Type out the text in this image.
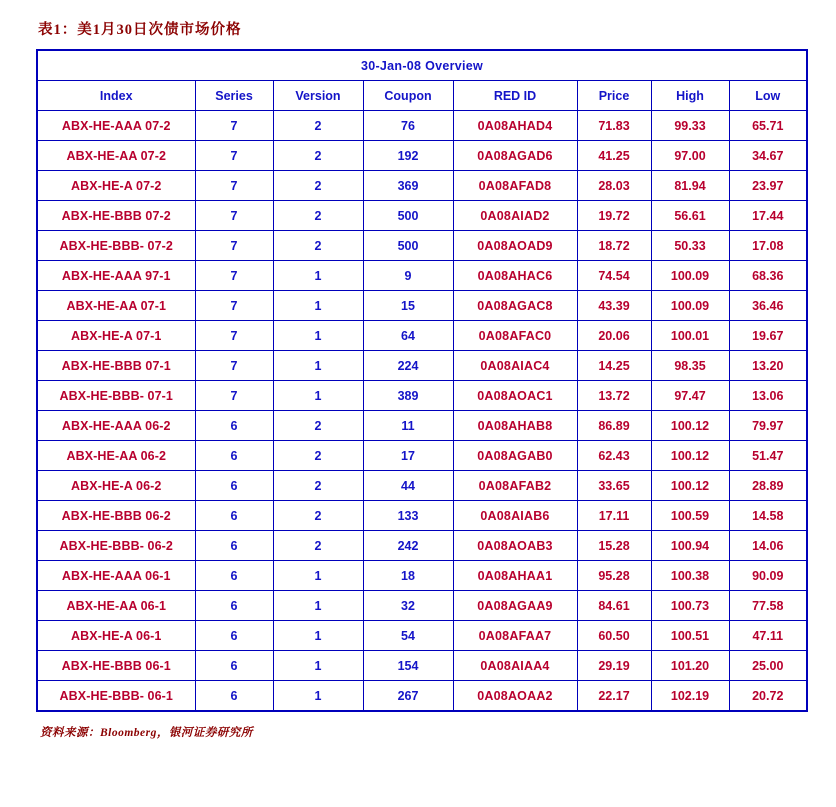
表1：美1月30日次债市场价格
30-Jan-08 Overview							
Index	Series	Version	Coupon	RED ID	Price	High	Low
ABX-HE-AAA 07-2	7	2	76	0A08AHAD4	71.83	99.33	65.71
ABX-HE-AA 07-2	7	2	192	0A08AGAD6	41.25	97.00	34.67
ABX-HE-A 07-2	7	2	369	0A08AFAD8	28.03	81.94	23.97
ABX-HE-BBB 07-2	7	2	500	0A08AIAD2	19.72	56.61	17.44
ABX-HE-BBB- 07-2	7	2	500	0A08AOAD9	18.72	50.33	17.08
ABX-HE-AAA 97-1	7	1	9	0A08AHAC6	74.54	100.09	68.36
ABX-HE-AA 07-1	7	1	15	0A08AGAC8	43.39	100.09	36.46
ABX-HE-A 07-1	7	1	64	0A08AFAC0	20.06	100.01	19.67
ABX-HE-BBB 07-1	7	1	224	0A08AIAC4	14.25	98.35	13.20
ABX-HE-BBB- 07-1	7	1	389	0A08AOAC1	13.72	97.47	13.06
ABX-HE-AAA 06-2	6	2	11	0A08AHAB8	86.89	100.12	79.97
ABX-HE-AA 06-2	6	2	17	0A08AGAB0	62.43	100.12	51.47
ABX-HE-A 06-2	6	2	44	0A08AFAB2	33.65	100.12	28.89
ABX-HE-BBB 06-2	6	2	133	0A08AIAB6	17.11	100.59	14.58
ABX-HE-BBB- 06-2	6	2	242	0A08AOAB3	15.28	100.94	14.06
ABX-HE-AAA 06-1	6	1	18	0A08AHAA1	95.28	100.38	90.09
ABX-HE-AA 06-1	6	1	32	0A08AGAA9	84.61	100.73	77.58
ABX-HE-A 06-1	6	1	54	0A08AFAA7	60.50	100.51	47.11
ABX-HE-BBB 06-1	6	1	154	0A08AIAA4	29.19	101.20	25.00
ABX-HE-BBB- 06-1	6	1	267	0A08AOAA2	22.17	102.19	20.72
资料来源：Bloomberg，银河证券研究所
